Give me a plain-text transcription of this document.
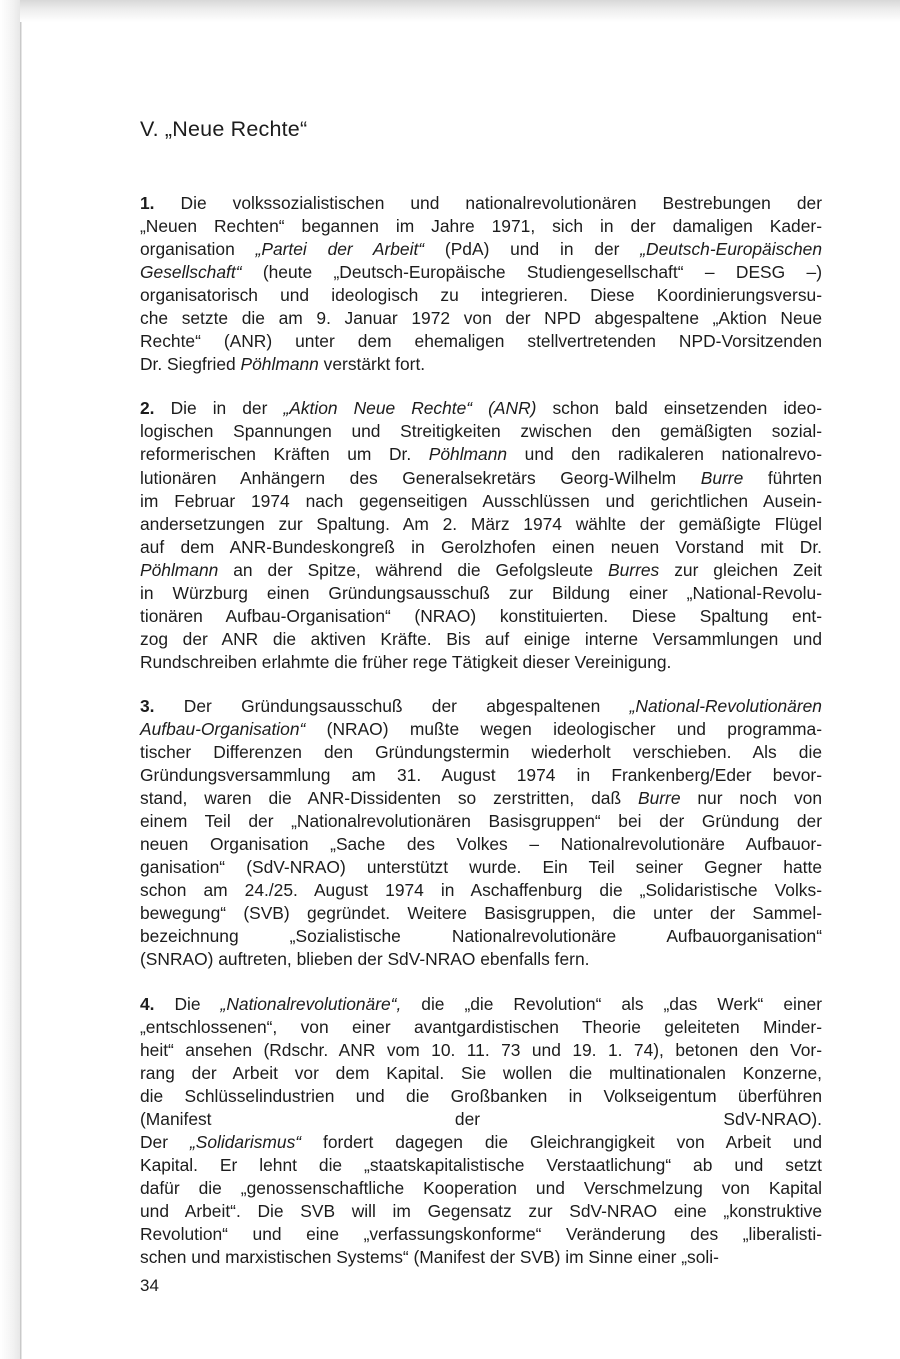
V. „Neue Rechte“

1. Die volkssozialistischen und nationalrevolutionären Bestrebungen der
„Neuen Rechten“ begannen im Jahre 1971, sich in der damaligen Kader-
organisation „Partei der Arbeit“ (PdA) und in der „Deutsch-Europäischen
Gesellschaft“ (heute „Deutsch-Europäische Studiengesellschaft“ – DESG –)
organisatorisch und ideologisch zu integrieren. Diese Koordinierungsversu-
che setzte die am 9. Januar 1972 von der NPD abgespaltene „Aktion Neue
Rechte“ (ANR) unter dem ehemaligen stellvertretenden NPD-Vorsitzenden
Dr. Siegfried Pöhlmann verstärkt fort.

2. Die in der „Aktion Neue Rechte“ (ANR) schon bald einsetzenden ideo-
logischen Spannungen und Streitigkeiten zwischen den gemäßigten sozial-
reformerischen Kräften um Dr. Pöhlmann und den radikaleren nationalrevo-
lutionären Anhängern des Generalsekretärs Georg-Wilhelm Burre führten
im Februar 1974 nach gegenseitigen Ausschlüssen und gerichtlichen Ausein-
andersetzungen zur Spaltung. Am 2. März 1974 wählte der gemäßigte Flügel
auf dem ANR-Bundeskongreß in Gerolzhofen einen neuen Vorstand mit Dr.
Pöhlmann an der Spitze, während die Gefolgsleute Burres zur gleichen Zeit
in Würzburg einen Gründungsausschuß zur Bildung einer „National-Revolu-
tionären Aufbau-Organisation“ (NRAO) konstituierten. Diese Spaltung ent-
zog der ANR die aktiven Kräfte. Bis auf einige interne Versammlungen und
Rundschreiben erlahmte die früher rege Tätigkeit dieser Vereinigung.

3. Der Gründungsausschuß der abgespaltenen „National-Revolutionären
Aufbau-Organisation“ (NRAO) mußte wegen ideologischer und programma-
tischer Differenzen den Gründungstermin wiederholt verschieben. Als die
Gründungsversammlung am 31. August 1974 in Frankenberg/Eder bevor-
stand, waren die ANR-Dissidenten so zerstritten, daß Burre nur noch von
einem Teil der „Nationalrevolutionären Basisgruppen“ bei der Gründung der
neuen Organisation „Sache des Volkes – Nationalrevolutionäre Aufbauor-
ganisation“ (SdV-NRAO) unterstützt wurde. Ein Teil seiner Gegner hatte
schon am 24./25. August 1974 in Aschaffenburg die „Solidaristische Volks-
bewegung“ (SVB) gegründet. Weitere Basisgruppen, die unter der Sammel-
bezeichnung „Sozialistische Nationalrevolutionäre Aufbauorganisation“
(SNRAO) auftreten, blieben der SdV-NRAO ebenfalls fern.

4. Die „Nationalrevolutionäre“, die „die Revolution“ als „das Werk“ einer
„entschlossenen“, von einer avantgardistischen Theorie geleiteten Minder-
heit“ ansehen (Rdschr. ANR vom 10. 11. 73 und 19. 1. 74), betonen den Vor-
rang der Arbeit vor dem Kapital. Sie wollen die multinationalen Konzerne,
die Schlüsselindustrien und die Großbanken in Volkseigentum überführen
(Manifest der SdV-NRAO).
Der „Solidarismus“ fordert dagegen die Gleichrangigkeit von Arbeit und
Kapital. Er lehnt die „staatskapitalistische Verstaatlichung“ ab und setzt
dafür die „genossenschaftliche Kooperation und Verschmelzung von Kapital
und Arbeit“. Die SVB will im Gegensatz zur SdV-NRAO eine „konstruktive
Revolution“ und eine „verfassungskonforme“ Veränderung des „liberalisti-
schen und marxistischen Systems“ (Manifest der SVB) im Sinne einer „soli-

34
